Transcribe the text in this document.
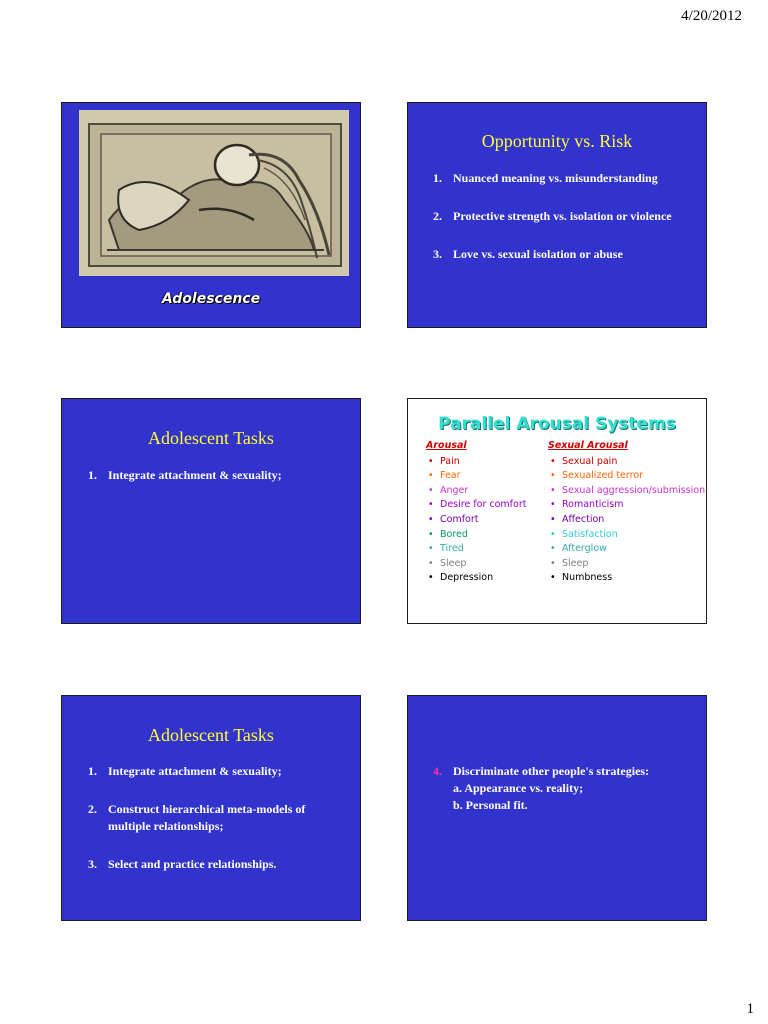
4/20/2012
Adolescence
Opportunity vs. Risk
1. Nuanced meaning vs. misunderstanding
2. Protective strength vs. isolation or violence
3. Love vs. sexual isolation or abuse
Adolescent Tasks
1. Integrate attachment & sexuality;
Parallel Arousal Systems
Arousal
• Pain
• Fear
• Anger
• Desire for comfort
• Comfort
• Bored
• Tired
• Sleep
• Depression
Sexual Arousal
• Sexual pain
• Sexualized terror
• Sexual aggression/submission
• Romanticism
• Affection
• Satisfaction
• Afterglow
• Sleep
• Numbness
Adolescent Tasks
1. Integrate attachment & sexuality;
2. Construct hierarchical meta-models of multiple relationships;
3. Select and practice relationships.
4. Discriminate other people's strategies:
a. Appearance vs. reality;
b. Personal fit.
1
